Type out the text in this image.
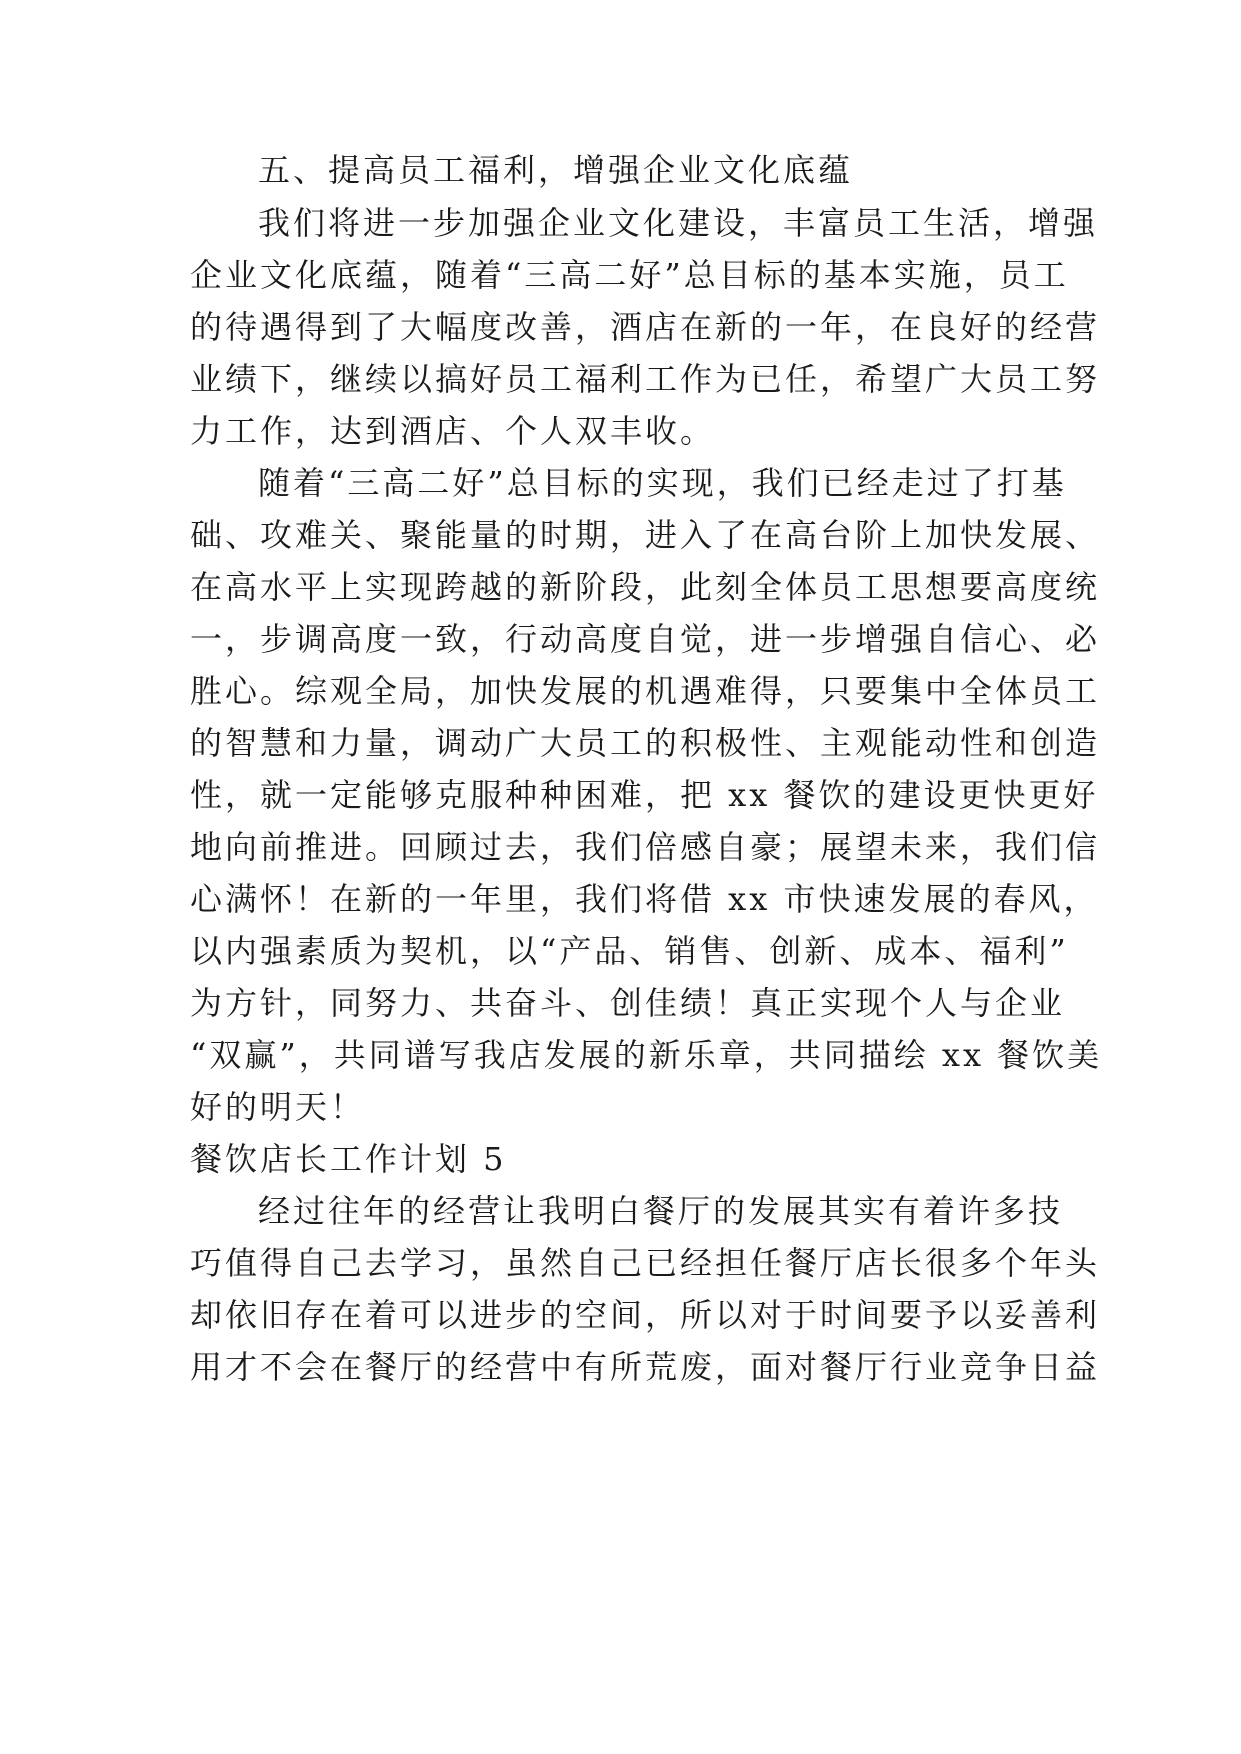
五、提高员工福利，增强企业文化底蕴
我们将进一步加强企业文化建设，丰富员工生活，增强
企业文化底蕴，随着“三高二好”总目标的基本实施，员工
的待遇得到了大幅度改善，酒店在新的一年，在良好的经营
业绩下，继续以搞好员工福利工作为已任，希望广大员工努
力工作，达到酒店、个人双丰收。
随着“三高二好”总目标的实现，我们已经走过了打基
础、攻难关、聚能量的时期，进入了在高台阶上加快发展、
在高水平上实现跨越的新阶段，此刻全体员工思想要高度统
一，步调高度一致，行动高度自觉，进一步增强自信心、必
胜心。综观全局，加快发展的机遇难得，只要集中全体员工
的智慧和力量，调动广大员工的积极性、主观能动性和创造
性，就一定能够克服种种困难，把 xx 餐饮的建设更快更好
地向前推进。回顾过去，我们倍感自豪；展望未来，我们信
心满怀！在新的一年里，我们将借 xx 市快速发展的春风，
以内强素质为契机，以“产品、销售、创新、成本、福利”
为方针，同努力、共奋斗、创佳绩！真正实现个人与企业
“双赢”，共同谱写我店发展的新乐章，共同描绘 xx 餐饮美
好的明天！
餐饮店长工作计划 5
经过往年的经营让我明白餐厅的发展其实有着许多技
巧值得自己去学习，虽然自己已经担任餐厅店长很多个年头
却依旧存在着可以进步的空间，所以对于时间要予以妥善利
用才不会在餐厅的经营中有所荒废，面对餐厅行业竞争日益
